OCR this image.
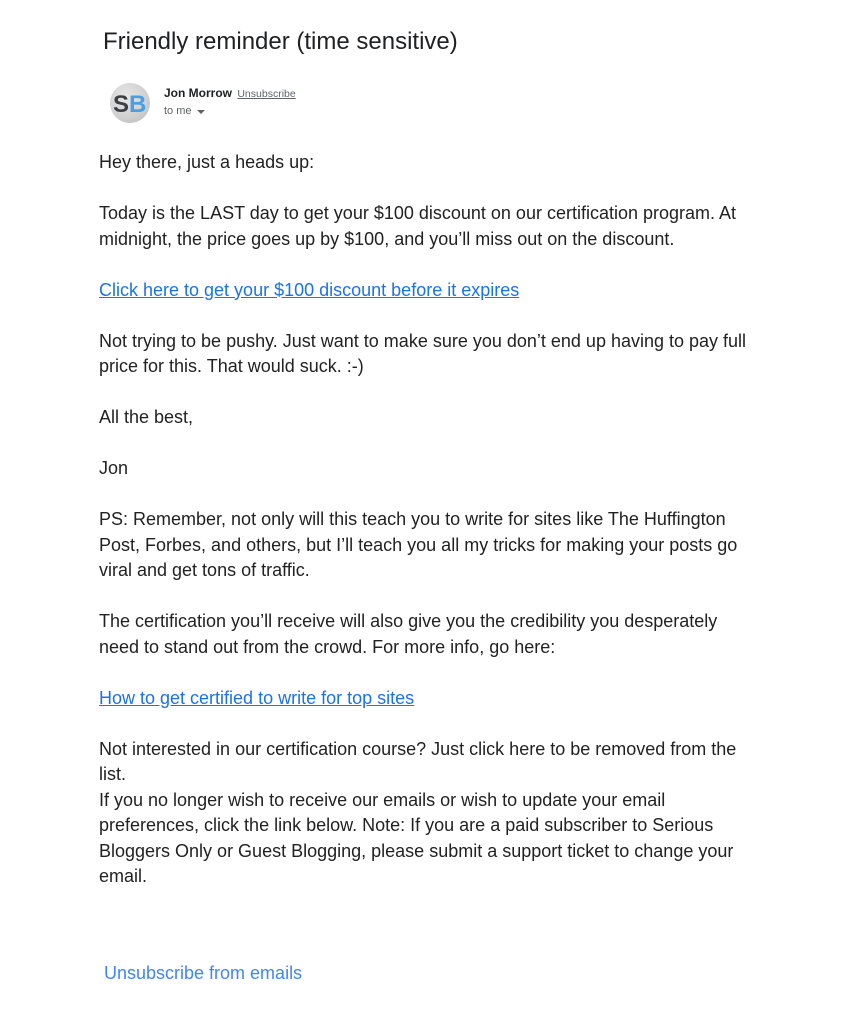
Friendly reminder (time sensitive)
S B Jon Morrow Unsubscribe
to me

Hey there, just a heads up:

Today is the LAST day to get your $100 discount on our certification program. At midnight, the price goes up by $100, and you’ll miss out on the discount.

Click here to get your $100 discount before it expires

Not trying to be pushy. Just want to make sure you don’t end up having to pay full price for this. That would suck. :-)

All the best,

Jon

PS: Remember, not only will this teach you to write for sites like The Huffington Post, Forbes, and others, but I’ll teach you all my tricks for making your posts go viral and get tons of traffic.

The certification you’ll receive will also give you the credibility you desperately need to stand out from the crowd. For more info, go here:

How to get certified to write for top sites

Not interested in our certification course? Just click here to be removed from the list.

If you no longer wish to receive our emails or wish to update your email preferences, click the link below. Note: If you are a paid subscriber to Serious Bloggers Only or Guest Blogging, please submit a support ticket to change your email.

Unsubscribe from emails
